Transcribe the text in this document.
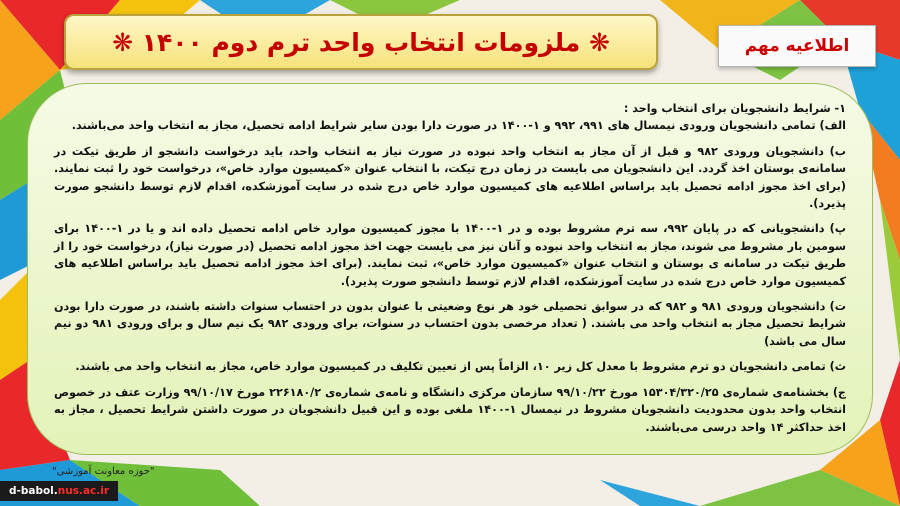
❋ ملزومات انتخاب واحد ترم دوم ۱۴۰۰ ❋	اطلاعیه مهم

۱- شرایط دانشجویان برای انتخاب واحد :

الف) تمامی دانشجویان ورودی نیمسال های ۹۹۱، ۹۹۲ و ۱-۱۴۰۰ در صورت دارا بودن سایر شرایط ادامه تحصیل، مجاز به انتخاب واحد می‌باشند.

ب) دانشجویان ورودی ۹۸۲ و قبل از آن مجاز به انتخاب واحد نبوده در صورت نیاز به انتخاب واحد، باید درخواست دانشجو از طریق تیکت در سامانه‌ی بوستان اخذ گردد. این دانشجویان می بایست در زمان درج تیکت، با انتخاب عنوان «کمیسیون موارد خاص»، درخواست خود را ثبت نمایند. (برای اخذ مجوز ادامه تحصیل باید براساس اطلاعیه های کمیسیون موارد خاص درج شده در سایت آموزشکده، اقدام لازم توسط دانشجو صورت پذیرد).

پ) دانشجویانی که در پایان ۹۹۲، سه ترم مشروط بوده و در ۱-۱۴۰۰ با مجوز کمیسیون موارد خاص ادامه تحصیل داده اند و یا در ۱-۱۴۰۰ برای سومین بار مشروط می شوند، مجاز به انتخاب واحد نبوده و آنان نیز می بایست جهت اخذ مجوز ادامه تحصیل (در صورت نیاز)، درخواست خود را از طریق تیکت در سامانه ی بوستان و انتخاب عنوان «کمیسیون موارد خاص»، ثبت نمایند. (برای اخذ مجوز ادامه تحصیل باید براساس اطلاعیه های کمیسیون موارد خاص درج شده در سایت آموزشکده، اقدام لازم توسط دانشجو صورت پذیرد).

ت) دانشجویان ورودی ۹۸۱ و ۹۸۲ که در سوابق تحصیلی خود هر نوع وضعیتی با عنوان بدون در احتساب سنوات داشته باشند، در صورت دارا بودن شرایط تحصیل مجاز به انتخاب واحد می باشند. ( تعداد مرخصی بدون احتساب در سنوات، برای ورودی ۹۸۲ یک نیم سال و برای ورودی ۹۸۱ دو نیم سال می باشد)

ث) تمامی دانشجویان دو ترم مشروط با معدل کل زیر ۱۰، الزاماً پس از تعیین تکلیف در کمیسیون موارد خاص، مجاز به انتخاب واحد می باشند.

ج) بخشنامه‌ی شماره‌ی ۱۵۳۰۴/۳۲۰/۲۵ مورخ ۹۹/۱۰/۲۲ سازمان مرکزی دانشگاه و نامه‌ی شماره‌ی ۲۲۶۱۸۰/۲ مورخ ۹۹/۱۰/۱۷ وزارت عتف در خصوص انتخاب واحد بدون محدودیت دانشجویان مشروط در نیمسال ۱-۱۴۰۰ ملغی بوده و این قبیل دانشجویان در صورت داشتن شرایط تحصیل ، مجاز به اخذ حداکثر ۱۴ واحد درسی می‌باشند.

"حوزه معاونت آموزشی"
d-babol. nus.ac.ir
